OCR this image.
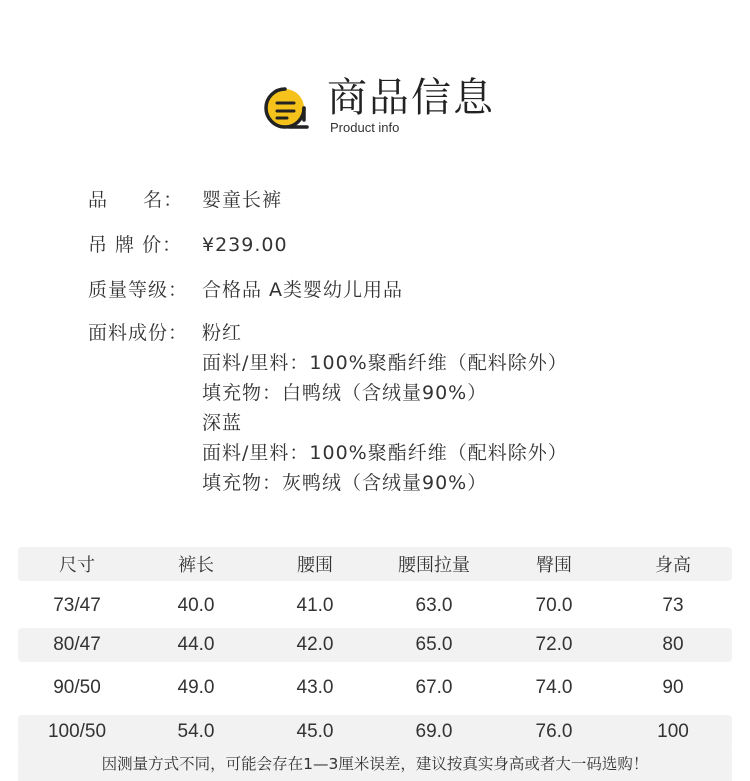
商品信息
Product info
品     名： 婴童长裤
吊 牌 价：	¥239.00
质量等级： 合格品 A类婴幼儿用品
面料成份： 粉红
面料/里料：100%聚酯纤维（配料除外）
填充物：白鸭绒（含绒量90%）
深蓝
面料/里料：100%聚酯纤维（配料除外）
填充物：灰鸭绒（含绒量90%）
尺寸	裤长	腰围	腰围拉量	臀围	身高
73/47	40.0	41.0	63.0	70.0	73
80/47	44.0	42.0	65.0	72.0	80
90/50	49.0	43.0	67.0	74.0	90
100/50	54.0	45.0	69.0	76.0	100
因测量方式不同，可能会存在1—3厘米误差，建议按真实身高或者大一码选购！
